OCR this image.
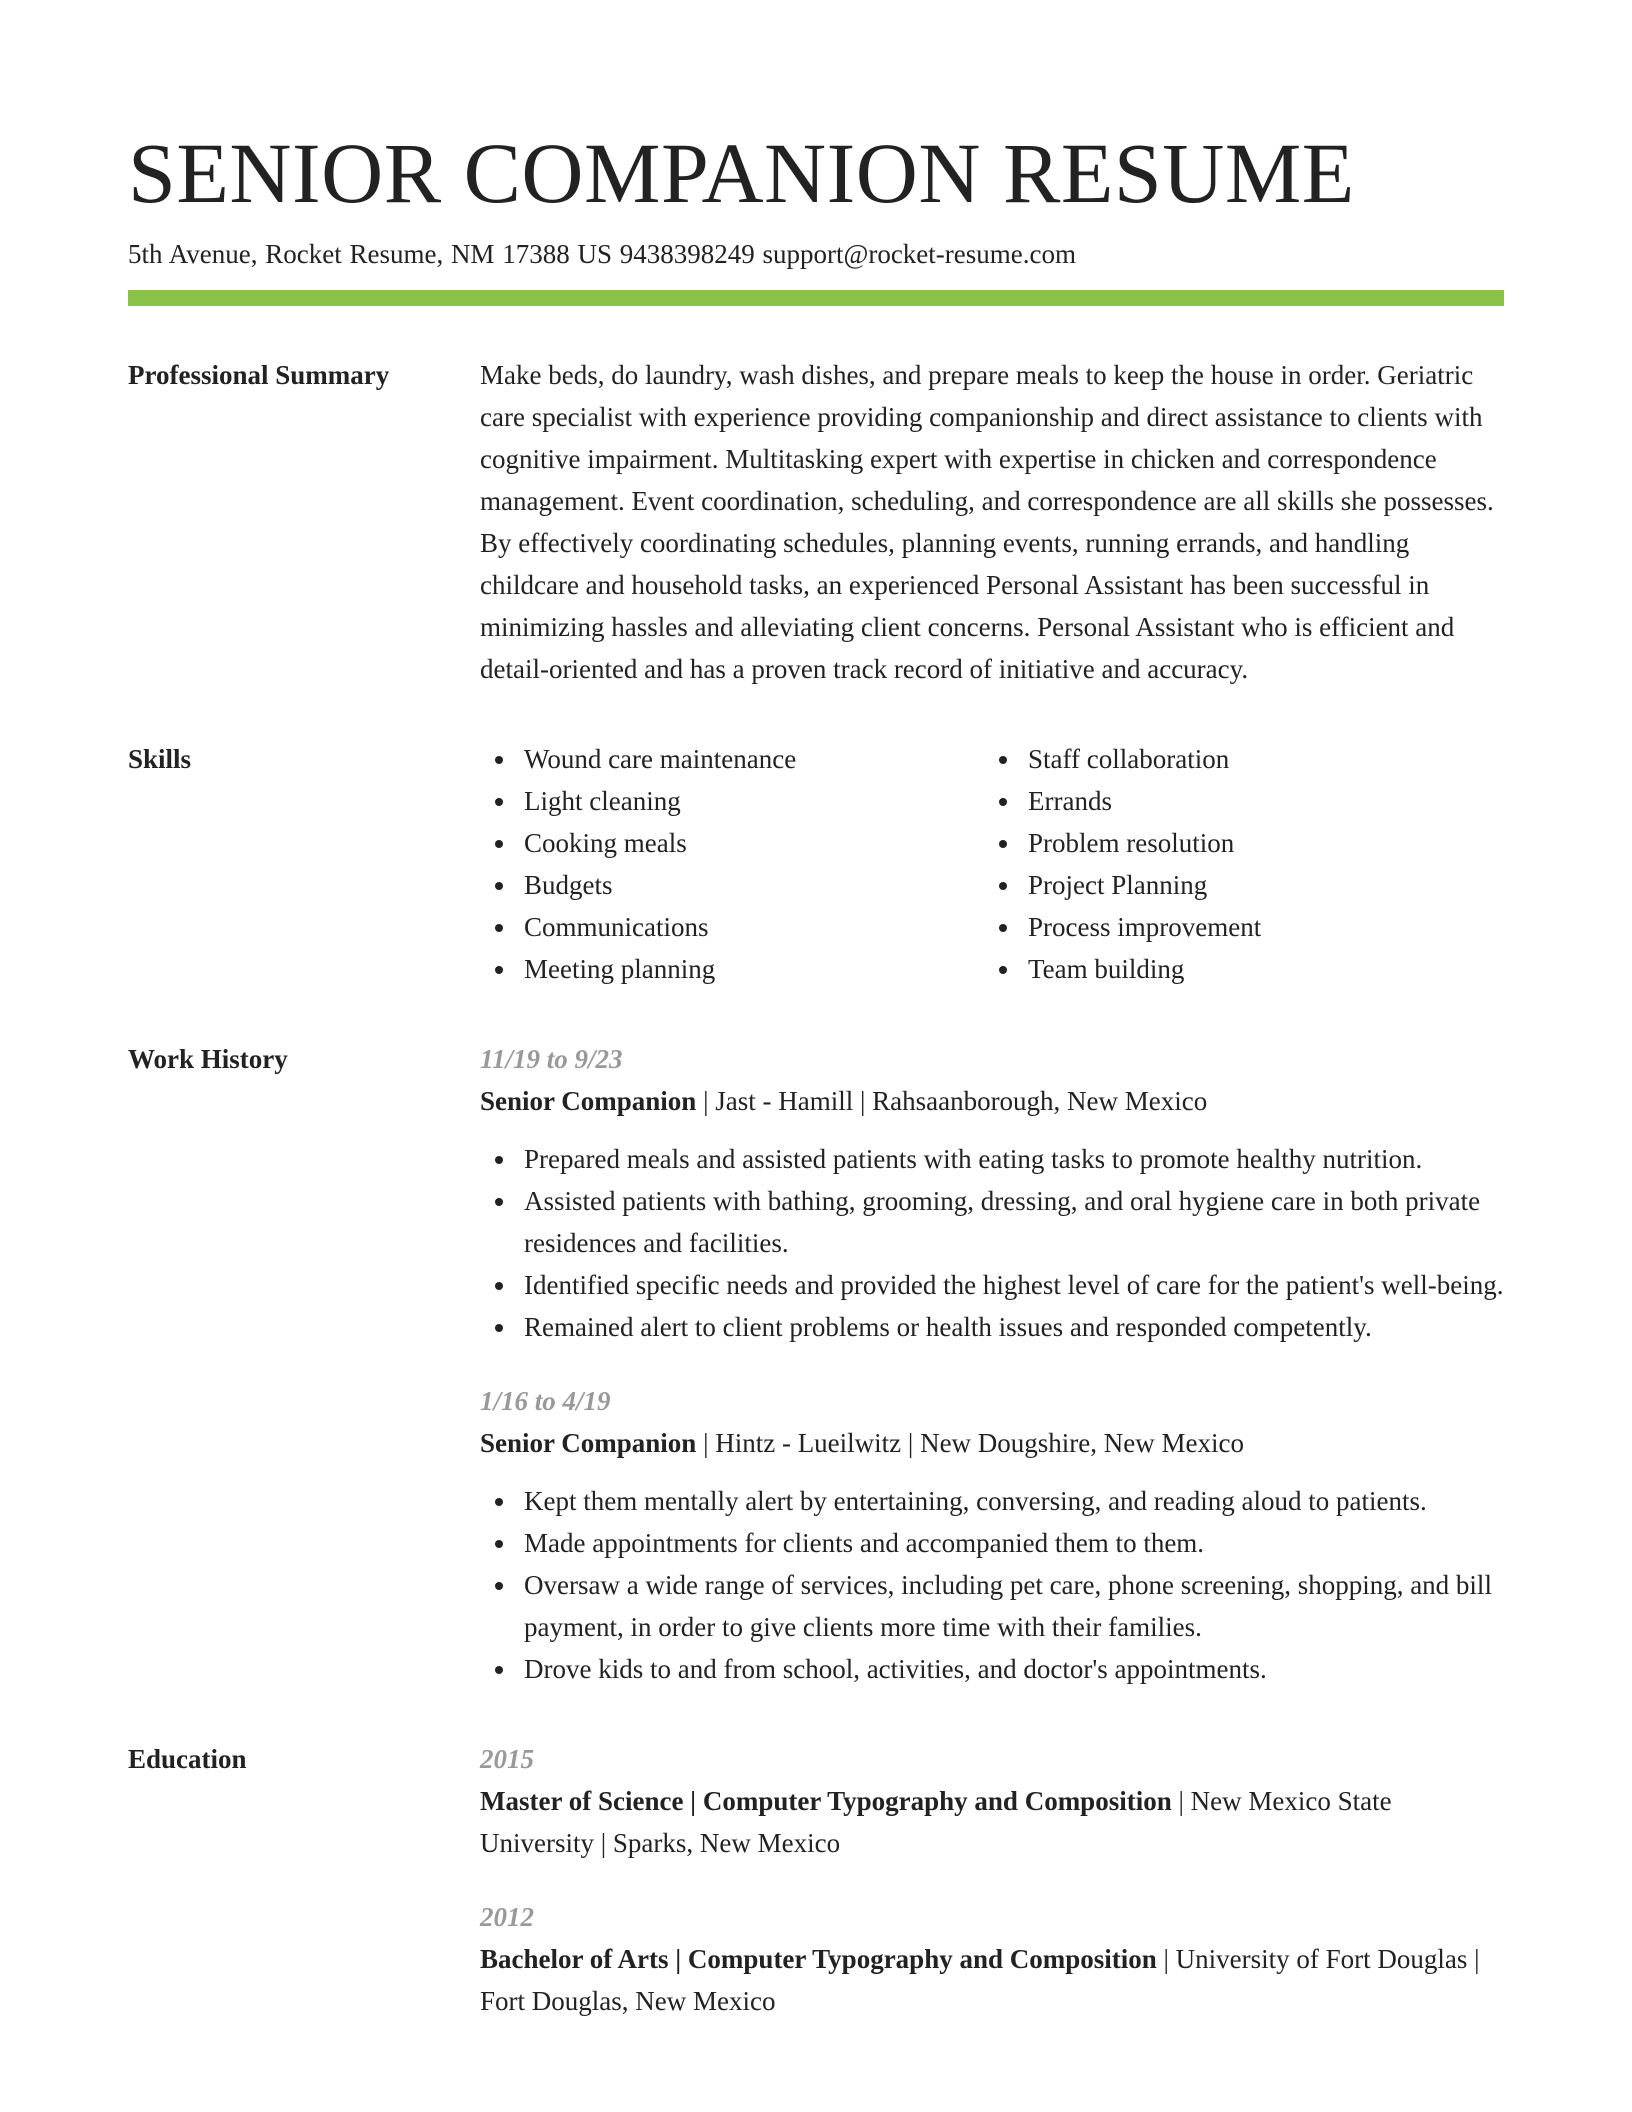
SENIOR COMPANION RESUME
5th Avenue, Rocket Resume, NM 17388 US 9438398249 support@rocket-resume.com
Professional Summary	Make beds, do laundry, wash dishes, and prepare meals to keep the house in order. Geriatric care specialist with experience providing companionship and direct assistance to clients with cognitive impairment. Multitasking expert with expertise in chicken and correspondence management. Event coordination, scheduling, and correspondence are all skills she possesses. By effectively coordinating schedules, planning events, running errands, and handling childcare and household tasks, an experienced Personal Assistant has been successful in minimizing hassles and alleviating client concerns. Personal Assistant who is efficient and detail-oriented and has a proven track record of initiative and accuracy.

Skills	Wound care maintenance
Light cleaning
Cooking meals
Budgets
Communications
Meeting planning
Staff collaboration
Errands
Problem resolution
Project Planning
Process improvement
Team building
Work History	11/19 to 9/23
Senior Companion | Jast - Hamill | Rahsaanborough, New Mexico
Prepared meals and assisted patients with eating tasks to promote healthy nutrition.
Assisted patients with bathing, grooming, dressing, and oral hygiene care in both private residences and facilities.
Identified specific needs and provided the highest level of care for the patient's well-being.
Remained alert to client problems or health issues and responded competently.
1/16 to 4/19
Senior Companion | Hintz - Lueilwitz | New Dougshire, New Mexico
Kept them mentally alert by entertaining, conversing, and reading aloud to patients.
Made appointments for clients and accompanied them to them.
Oversaw a wide range of services, including pet care, phone screening, shopping, and bill payment, in order to give clients more time with their families.
Drove kids to and from school, activities, and doctor's appointments.
Education	2015
Master of Science | Computer Typography and Composition | New Mexico State University | Sparks, New Mexico
2012
Bachelor of Arts | Computer Typography and Composition | University of Fort Douglas | Fort Douglas, New Mexico
